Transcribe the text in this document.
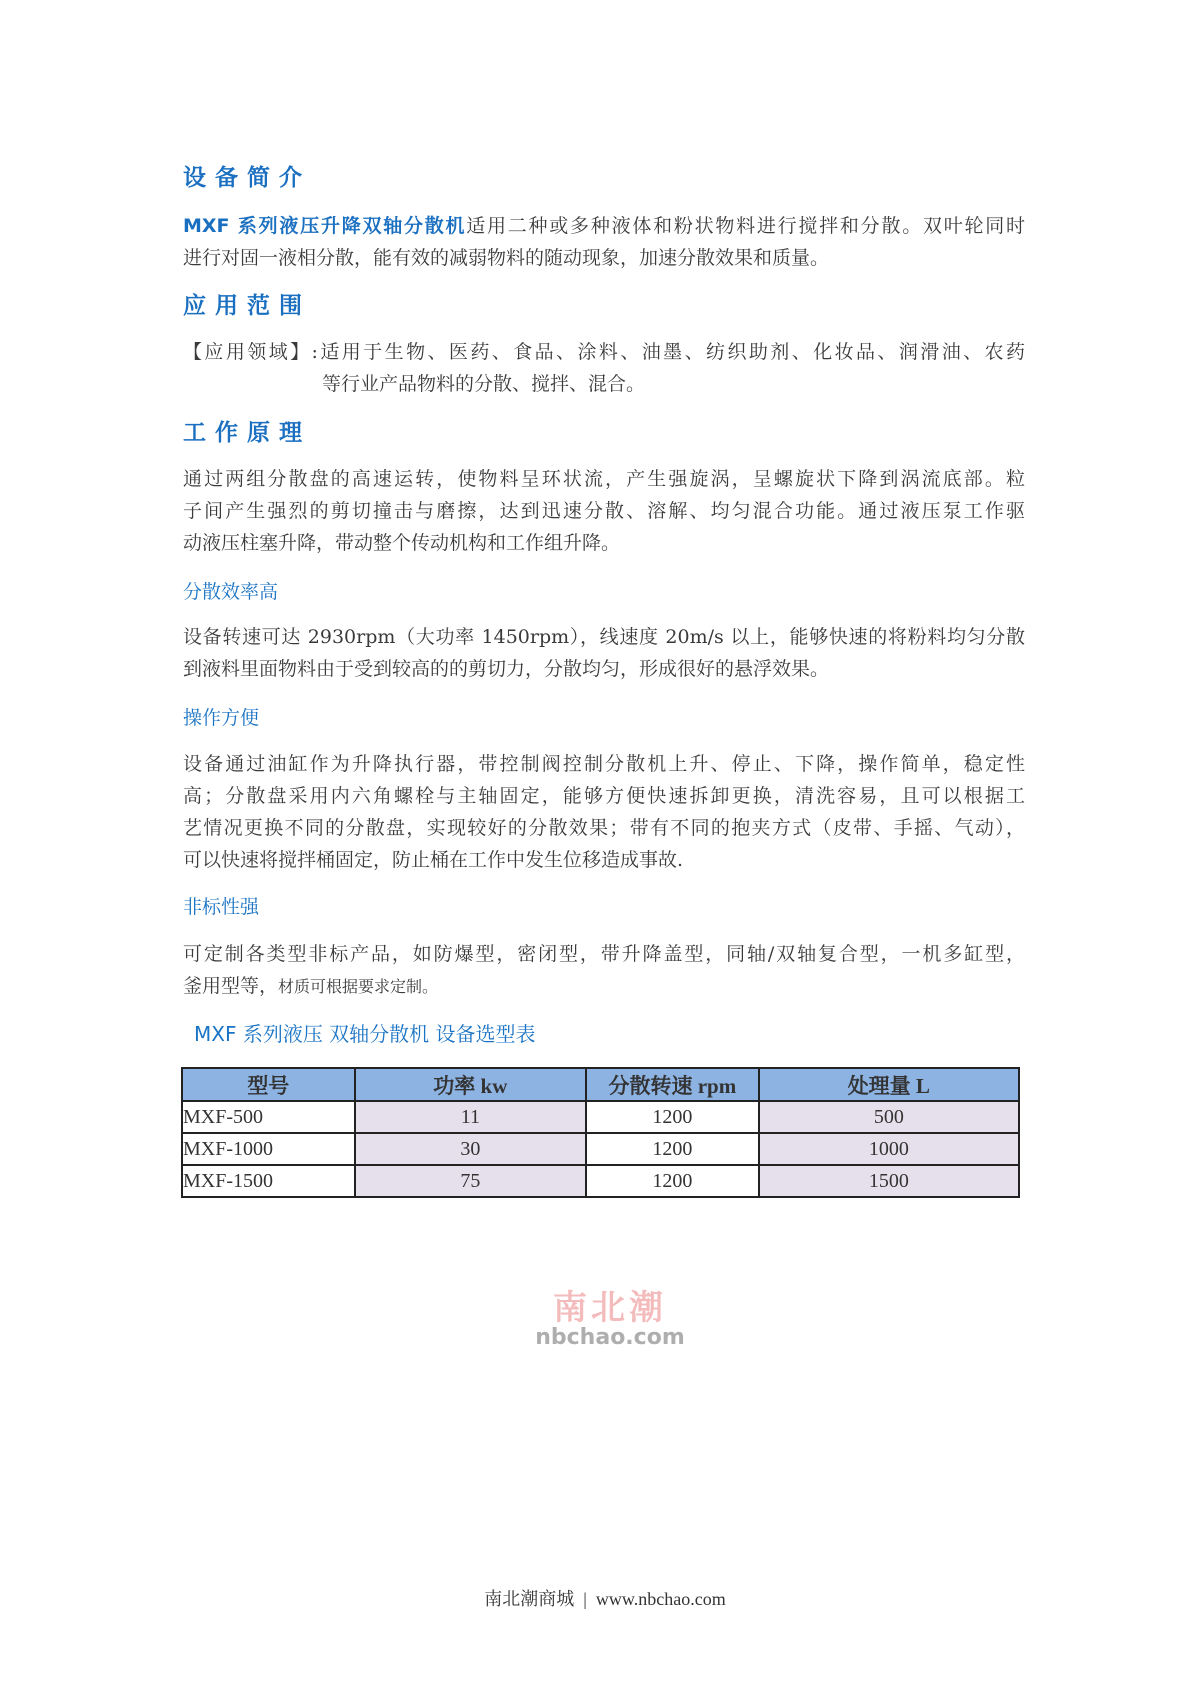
设备简介
MXF 系列液压升降双轴分散机适用二种或多种液体和粉状物料进行搅拌和分散。双叶轮同时
进行对固一液相分散，能有效的减弱物料的随动现象，加速分散效果和质量。
应用范围
【应用领域】:适用于生物、医药、食品、涂料、油墨、纺织助剂、化妆品、润滑油、农药
等行业产品物料的分散、搅拌、混合。
工作原理
通过两组分散盘的高速运转，使物料呈环状流，产生强旋涡，呈螺旋状下降到涡流底部。粒
子间产生强烈的剪切撞击与磨擦，达到迅速分散、溶解、均匀混合功能。通过液压泵工作驱
动液压柱塞升降，带动整个传动机构和工作组升降。
分散效率高
设备转速可达 2930rpm（大功率 1450rpm），线速度 20m/s 以上，能够快速的将粉料均匀分散
到液料里面物料由于受到较高的的剪切力，分散均匀，形成很好的悬浮效果。
操作方便
设备通过油缸作为升降执行器，带控制阀控制分散机上升、停止、下降，操作简单，稳定性
高；分散盘采用内六角螺栓与主轴固定，能够方便快速拆卸更换，清洗容易，且可以根据工
艺情况更换不同的分散盘，实现较好的分散效果；带有不同的抱夹方式（皮带、手摇、气动），
可以快速将搅拌桶固定，防止桶在工作中发生位移造成事故.
非标性强
可定制各类型非标产品，如防爆型，密闭型，带升降盖型，同轴/双轴复合型，一机多缸型，
釜用型等，材质可根据要求定制。
MXF 系列液压 双轴分散机 设备选型表
型号	功率 kw	分散转速 rpm	处理量 L
MXF-500	11	1200	500
MXF-1000	30	1200	1000
MXF-1500	75	1200	1500
南北潮
nbchao.com
南北潮商城  |  www.nbchao.com
